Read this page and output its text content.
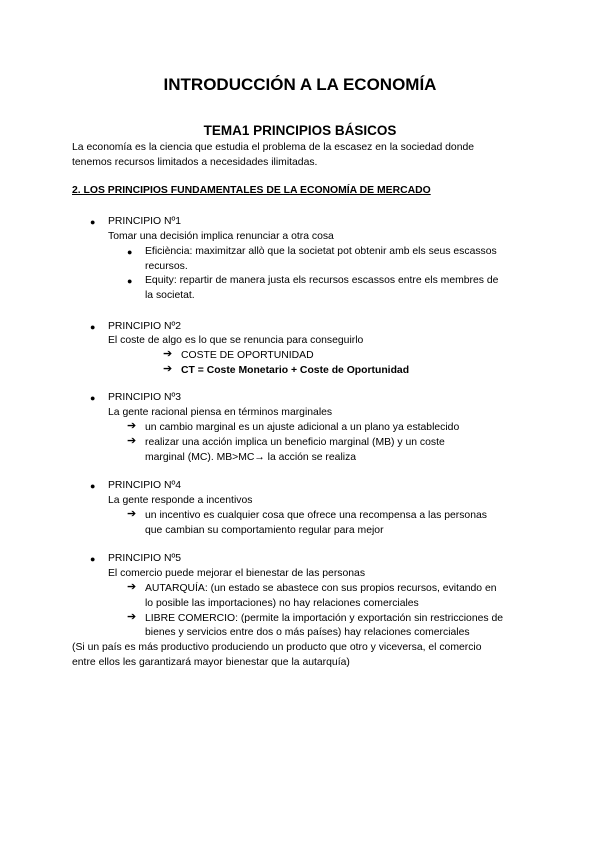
INTRODUCCIÓN A LA ECONOMÍA
TEMA1 PRINCIPIOS BÁSICOS
La economía es la ciencia que estudia el problema de la escasez en la sociedad donde
tenemos recursos limitados a necesidades ilimitadas.
2. LOS PRINCIPIOS FUNDAMENTALES DE LA ECONOMÍA DE MERCADO
● PRINCIPIO Nº1
Tomar una decisión implica renunciar a otra cosa
● Eficiència: maximitzar allò que la societat pot obtenir amb els seus escassos
recursos.
● Equity: repartir de manera justa els recursos escassos entre els membres de
la societat.
● PRINCIPIO Nº2
El coste de algo es lo que se renuncia para conseguirlo
➔ COSTE DE OPORTUNIDAD
➔ CT = Coste Monetario + Coste de Oportunidad
● PRINCIPIO Nº3
La gente racional piensa en términos marginales
➔ un cambio marginal es un ajuste adicional a un plano ya establecido
➔ realizar una acción implica un beneficio marginal (MB) y un coste
marginal (MC). MB>MC→ la acción se realiza
● PRINCIPIO Nº4
La gente responde a incentivos
➔ un incentivo es cualquier cosa que ofrece una recompensa a las personas
que cambian su comportamiento regular para mejor
● PRINCIPIO Nº5
El comercio puede mejorar el bienestar de las personas
➔ AUTARQUÍA: (un estado se abastece con sus propios recursos, evitando en
lo posible las importaciones) no hay relaciones comerciales
➔ LIBRE COMERCIO: (permite la importación y exportación sin restricciones de
bienes y servicios entre dos o más países) hay relaciones comerciales
(Si un país es más productivo produciendo un producto que otro y viceversa, el comercio
entre ellos les garantizará mayor bienestar que la autarquía)
